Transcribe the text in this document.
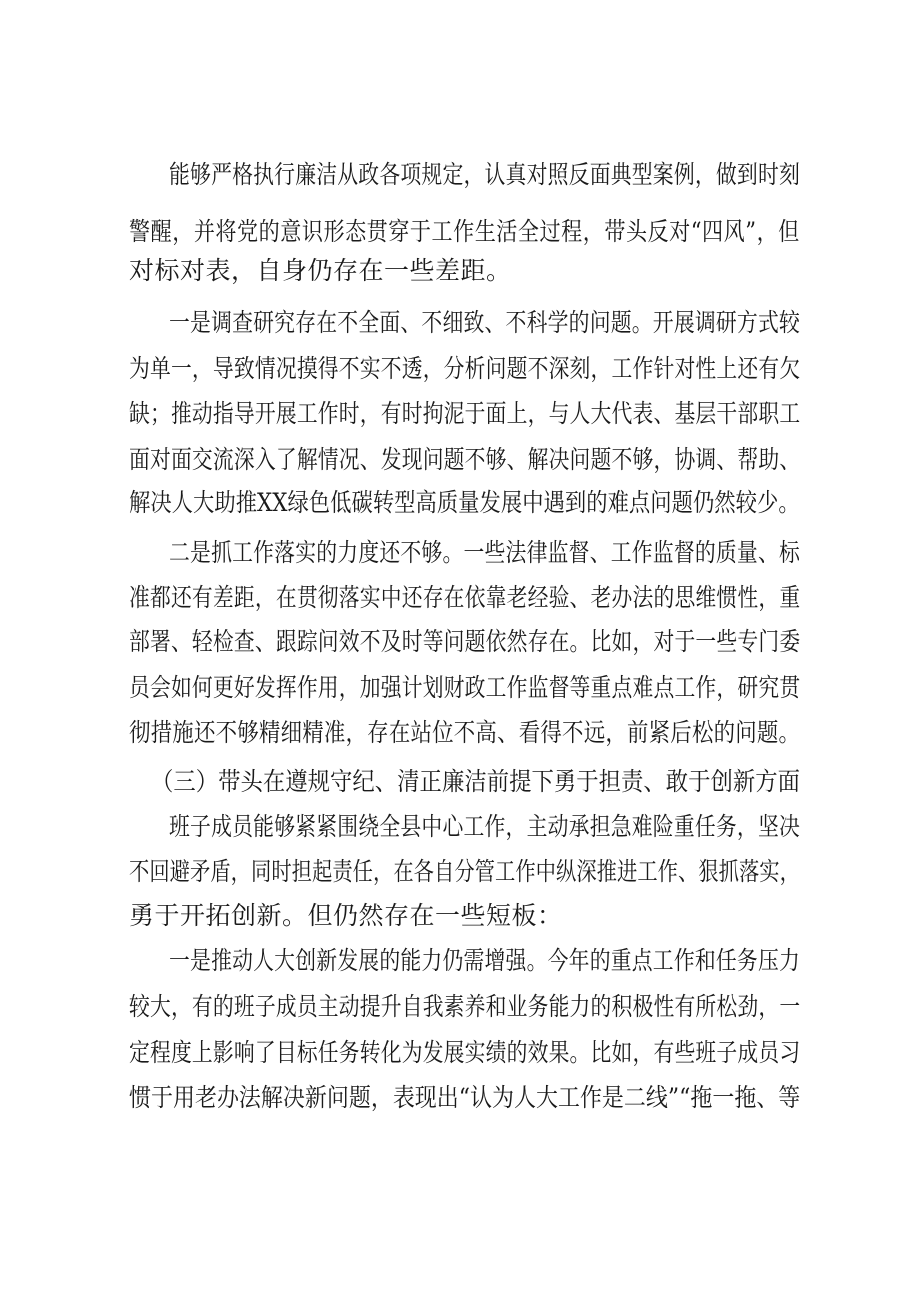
能够严格执行廉洁从政各项规定，认真对照反面典型案例，做到时刻
警醒，并将党的意识形态贯穿于工作生活全过程，带头反对“四风”，但
对标对表，自身仍存在一些差距。
一是调查研究存在不全面、不细致、不科学的问题。开展调研方式较
为单一，导致情况摸得不实不透，分析问题不深刻，工作针对性上还有欠
缺；推动指导开展工作时，有时拘泥于面上，与人大代表、基层干部职工
面对面交流深入了解情况、发现问题不够、解决问题不够，协调、帮助、
解决人大助推XX绿色低碳转型高质量发展中遇到的难点问题仍然较少。
二是抓工作落实的力度还不够。一些法律监督、工作监督的质量、标
准都还有差距，在贯彻落实中还存在依靠老经验、老办法的思维惯性，重
部署、轻检查、跟踪问效不及时等问题依然存在。比如，对于一些专门委
员会如何更好发挥作用，加强计划财政工作监督等重点难点工作，研究贯
彻措施还不够精细精准，存在站位不高、看得不远，前紧后松的问题。
（三）带头在遵规守纪、清正廉洁前提下勇于担责、敢于创新方面
班子成员能够紧紧围绕全县中心工作，主动承担急难险重任务，坚决
不回避矛盾，同时担起责任，在各自分管工作中纵深推进工作、狠抓落实，
勇于开拓创新。但仍然存在一些短板：
一是推动人大创新发展的能力仍需增强。今年的重点工作和任务压力
较大，有的班子成员主动提升自我素养和业务能力的积极性有所松劲，一
定程度上影响了目标任务转化为发展实绩的效果。比如，有些班子成员习
惯于用老办法解决新问题，表现出“认为人大工作是二线”“拖一拖、等
